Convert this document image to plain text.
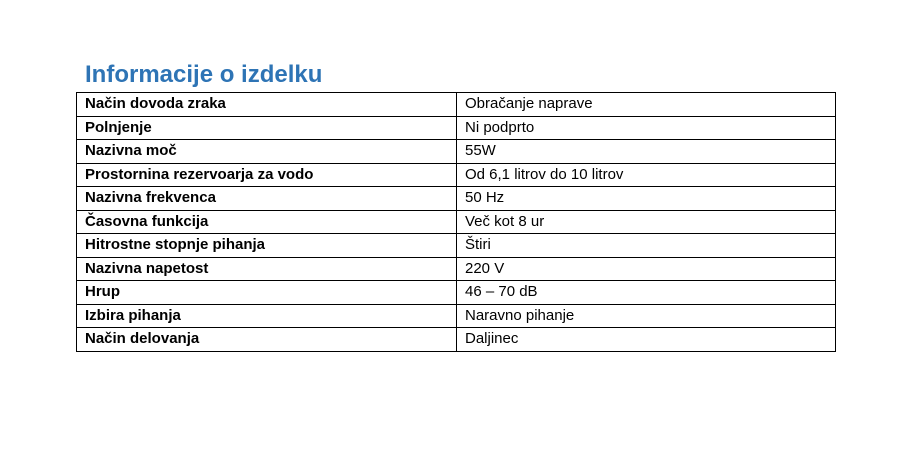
Informacije o izdelku
Način dovoda zraka	Obračanje naprave
Polnjenje	Ni podprto
Nazivna moč	55W
Prostornina rezervoarja za vodo	Od 6,1 litrov do 10 litrov
Nazivna frekvenca	50 Hz
Časovna funkcija	Več kot 8 ur
Hitrostne stopnje pihanja	Štiri
Nazivna napetost	220 V
Hrup	46 – 70 dB
Izbira pihanja	Naravno pihanje
Način delovanja	Daljinec
